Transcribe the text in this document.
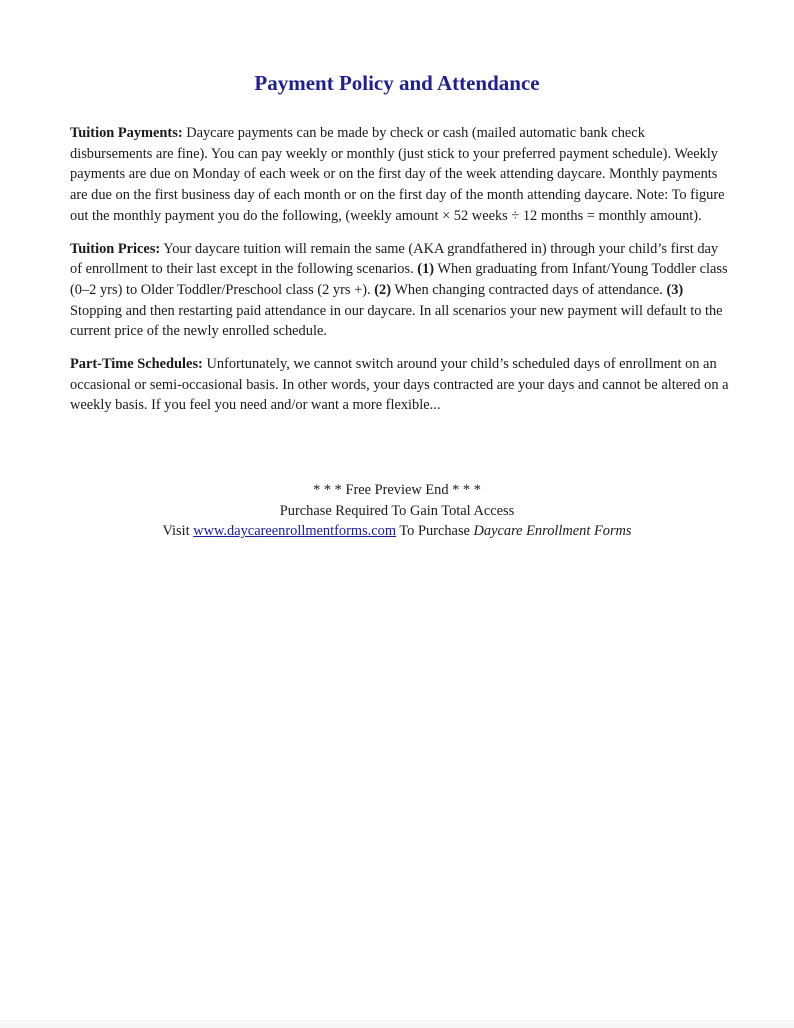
Payment Policy and Attendance

Tuition Payments: Daycare payments can be made by check or cash (mailed automatic bank check disbursements are fine). You can pay weekly or monthly (just stick to your preferred payment schedule). Weekly payments are due on Monday of each week or on the first day of the week attending daycare. Monthly payments are due on the first business day of each month or on the first day of the month attending daycare. Note: To figure out the monthly payment you do the following, (weekly amount × 52 weeks ÷ 12 months = monthly amount).

Tuition Prices: Your daycare tuition will remain the same (AKA grandfathered in) through your child’s first day of enrollment to their last except in the following scenarios. (1) When graduating from Infant/Young Toddler class (0–2 yrs) to Older Toddler/Preschool class (2 yrs +). (2) When changing contracted days of attendance. (3) Stopping and then restarting paid attendance in our daycare. In all scenarios your new payment will default to the current price of the newly enrolled schedule.

Part-Time Schedules: Unfortunately, we cannot switch around your child’s scheduled days of enrollment on an occasional or semi-occasional basis. In other words, your days contracted are your days and cannot be altered on a weekly basis. If you feel you need and/or want a more flexible...

* * * Free Preview End * * *
Purchase Required To Gain Total Access
Visit www.daycareenrollmentforms.com To Purchase Daycare Enrollment Forms
